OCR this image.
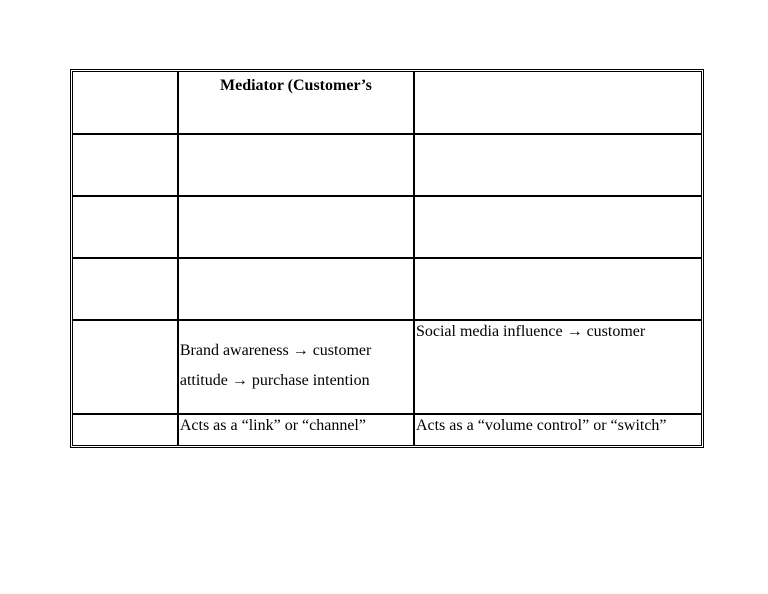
	Mediator (Customer’s	

	Brand awareness → customer attitude → purchase intention	Social media influence → customer

	Acts as a “link” or “channel”	Acts as a “volume control” or “switch”
